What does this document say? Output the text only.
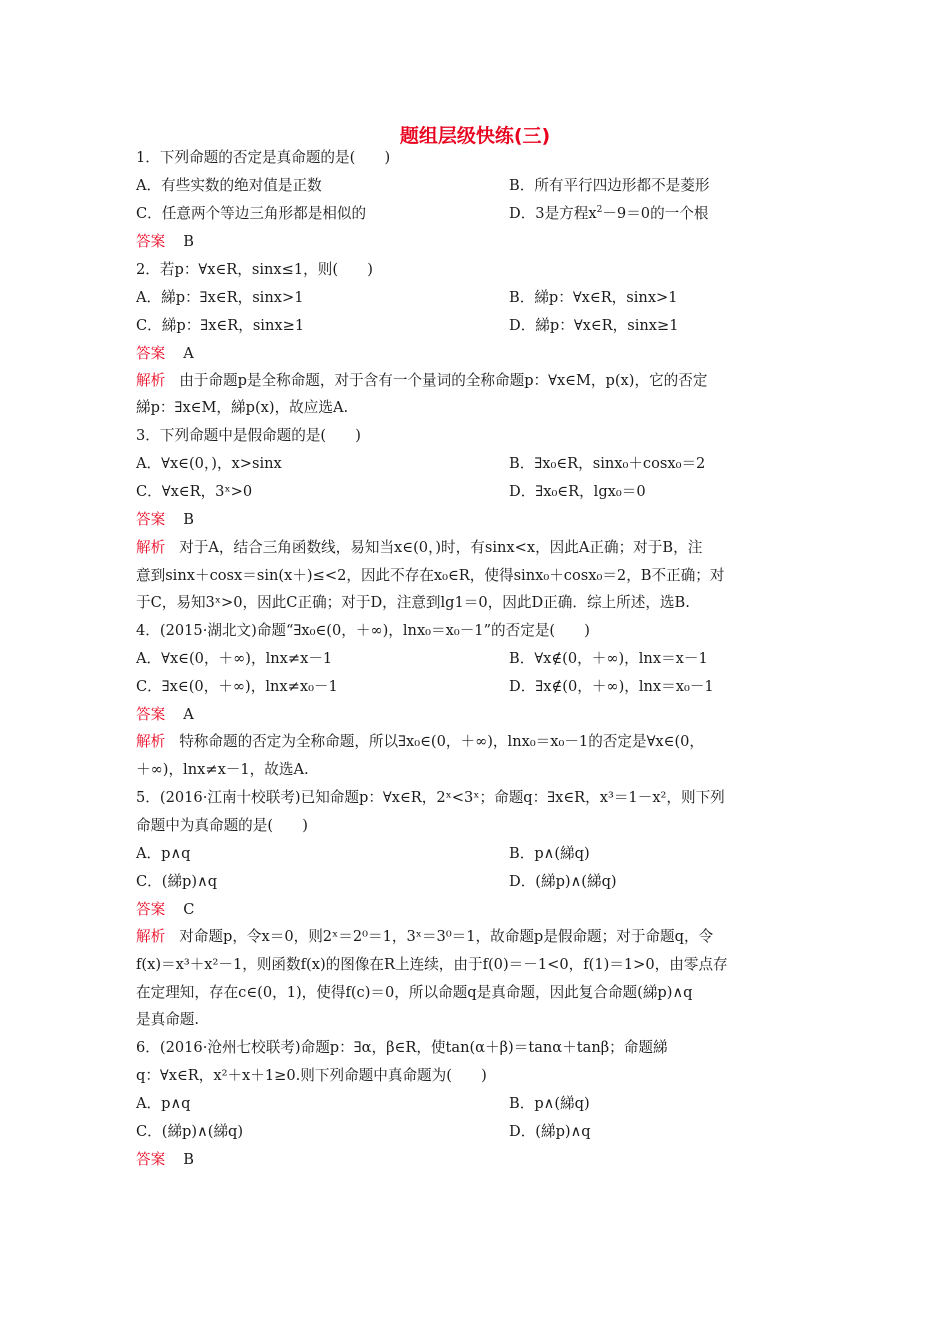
题组层级快练(三)
1．下列命题的否定是真命题的是(　　)
A．有些实数的绝对值是正数	B．所有平行四边形都不是菱形
C．任意两个等边三角形都是相似的	D．3是方程$x^2-9=0$的一个根
答案 B
2．若p：∀x∈R，sinx≤1，则(　　)
A．綈p：∃x∈R，sinx>1	B．綈p：∀x∈R，sinx>1
C．綈p：∃x∈R，sinx≥1	D．綈p：∀x∈R，sinx≥1
答案 A
解析 由于命题p是全称命题，对于含有一个量词的全称命题p：∀x∈M，p(x)，它的否定
綈p：∃x∈M，綈p(x)，故应选A.
3．下列命题中是假命题的是(　　)
A．∀x∈(0，)，x>sinx	B．∃x₀∈R，sinx₀＋cosx₀＝2
C．∀x∈R，3ˣ>0	D．∃x₀∈R，lgx₀＝0
答案 B
解析 对于A，结合三角函数线，易知当x∈(0，)时，有sinx<x，因此A正确；对于B，注
意到sinx＋cosx＝sin(x＋)≤<2，因此不存在x₀∈R，使得sinx₀＋cosx₀＝2，B不正确；对
于C，易知3ˣ>0，因此C正确；对于D，注意到lg1＝0，因此D正确．综上所述，选B.
4．(2015·湖北文)命题“∃x₀∈(0，＋∞)，lnx₀＝x₀－1”的否定是(　　)
A．∀x∈(0，＋∞)，lnx≠x－1	B．∀x∉(0，＋∞)，lnx＝x－1
C．∃x∈(0，＋∞)，lnx≠x₀－1	D．∃x∉(0，＋∞)，lnx＝x₀－1
答案 A
解析 特称命题的否定为全称命题，所以∃x₀∈(0，＋∞)，lnx₀＝x₀－1的否定是∀x∈(0，
＋∞)，lnx≠x－1，故选A.
5．(2016·江南十校联考)已知命题p：∀x∈R，2ˣ<3ˣ；命题q：∃x∈R，x³＝1－x²，则下列
命题中为真命题的是(　　)
A．p∧q	B．p∧(綈q)
C．(綈p)∧q	D．(綈p)∧(綈q)
答案 C
解析 对命题p，令x＝0，则2ˣ＝2⁰＝1，3ˣ＝3⁰＝1，故命题p是假命题；对于命题q，令
f(x)＝x³＋x²－1，则函数f(x)的图像在R上连续，由于f(0)＝－1<0，f(1)＝1>0，由零点存
在定理知，存在c∈(0，1)，使得f(c)＝0，所以命题q是真命题，因此复合命题(綈p)∧q
是真命题.
6．(2016·沧州七校联考)命题p：∃α，β∈R，使tan(α＋β)＝tanα＋tanβ；命题綈
q：∀x∈R，x²＋x＋1≥0.则下列命题中真命题为(　　)
A．p∧q	B．p∧(綈q)
C．(綈p)∧(綈q)	D．(綈p)∧q
答案 B
